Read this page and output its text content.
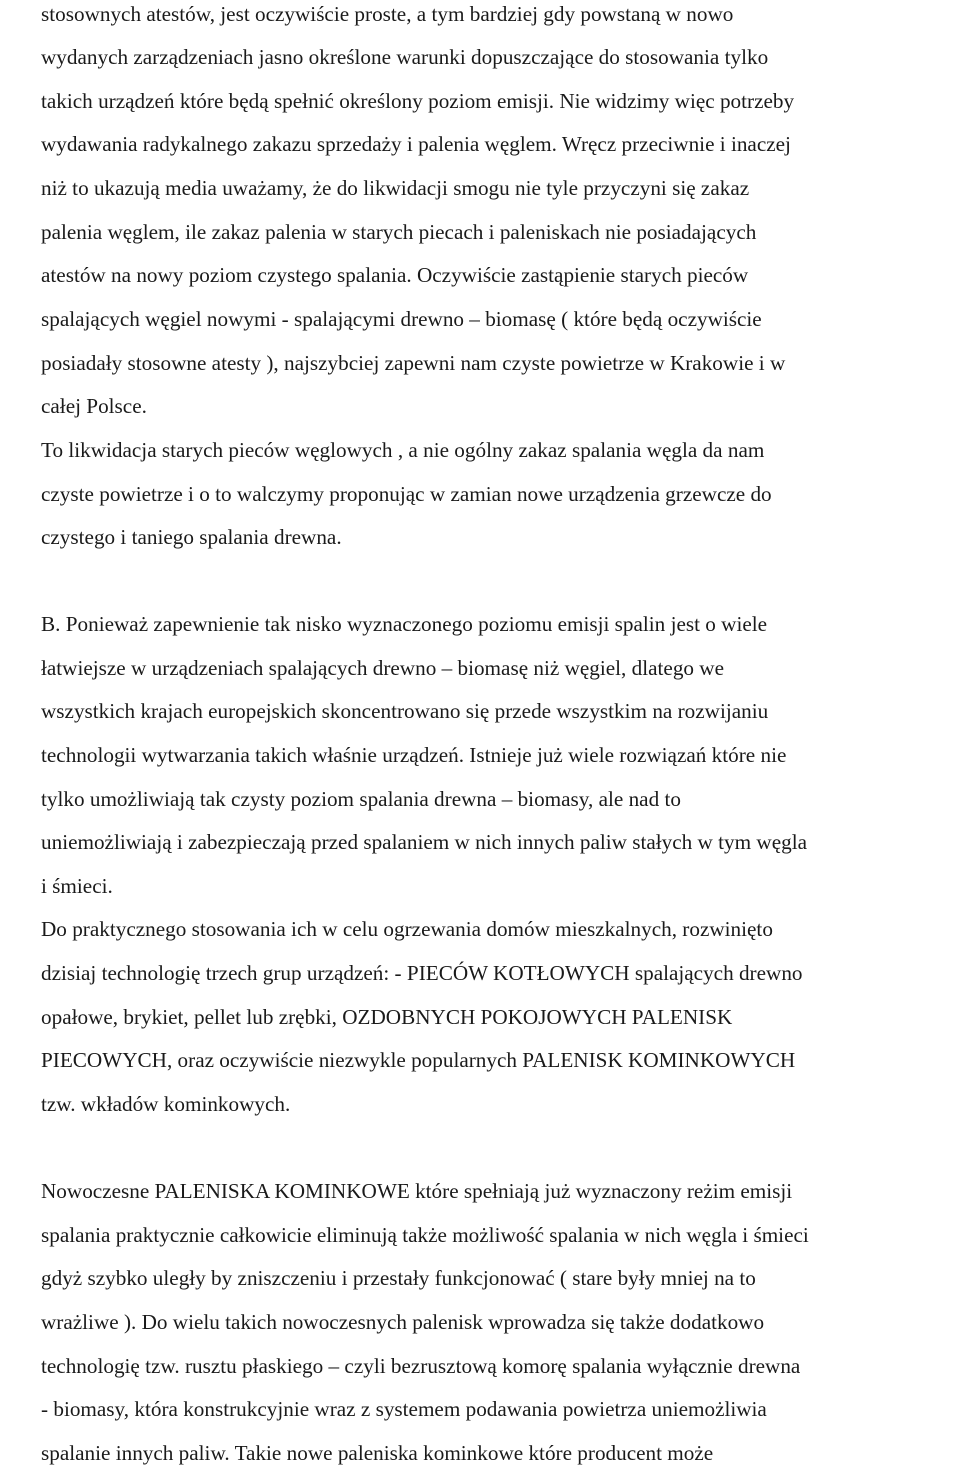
stosownych atestów, jest oczywiście proste, a tym bardziej gdy powstaną w nowo
wydanych zarządzeniach jasno określone warunki dopuszczające do stosowania tylko
takich urządzeń które będą spełnić określony poziom emisji. Nie widzimy więc potrzeby
wydawania radykalnego zakazu sprzedaży i palenia węglem. Wręcz przeciwnie i inaczej
niż to ukazują media uważamy, że do likwidacji smogu nie tyle przyczyni się zakaz
palenia węglem, ile zakaz palenia w starych piecach i paleniskach nie posiadających
atestów na nowy poziom czystego spalania. Oczywiście zastąpienie starych pieców
spalających węgiel nowymi - spalającymi drewno – biomasę ( które będą oczywiście
posiadały stosowne atesty ), najszybciej zapewni nam czyste powietrze w Krakowie i w
całej Polsce.
To likwidacja starych pieców węglowych , a nie ogólny zakaz spalania węgla da nam
czyste powietrze i o to walczymy proponując w zamian nowe urządzenia grzewcze do
czystego i taniego spalania drewna.
B. Ponieważ zapewnienie tak nisko wyznaczonego poziomu emisji spalin jest o wiele
łatwiejsze w urządzeniach spalających drewno – biomasę niż węgiel, dlatego we
wszystkich krajach europejskich skoncentrowano się przede wszystkim na rozwijaniu
technologii wytwarzania takich właśnie urządzeń. Istnieje już wiele rozwiązań które nie
tylko umożliwiają tak czysty poziom spalania drewna – biomasy, ale nad to
uniemożliwiają i zabezpieczają przed spalaniem w nich innych paliw stałych w tym węgla
i śmieci.
Do praktycznego stosowania ich w celu ogrzewania domów mieszkalnych, rozwinięto
dzisiaj technologię trzech grup urządzeń: - PIECÓW KOTŁOWYCH spalających drewno
opałowe, brykiet, pellet lub zrębki, OZDOBNYCH POKOJOWYCH PALENISK
PIECOWYCH, oraz oczywiście niezwykle popularnych PALENISK KOMINKOWYCH
tzw. wkładów kominkowych.
Nowoczesne PALENISKA KOMINKOWE które spełniają już wyznaczony reżim emisji
spalania praktycznie całkowicie eliminują także możliwość spalania w nich węgla i śmieci
gdyż szybko uległy by zniszczeniu i przestały funkcjonować ( stare były mniej na to
wrażliwe ). Do wielu takich nowoczesnych palenisk wprowadza się także dodatkowo
technologię tzw. rusztu płaskiego – czyli bezrusztową komorę spalania wyłącznie drewna
- biomasy, która konstrukcyjnie wraz z systemem podawania powietrza uniemożliwia
spalanie innych paliw. Takie nowe paleniska kominkowe które producent może
